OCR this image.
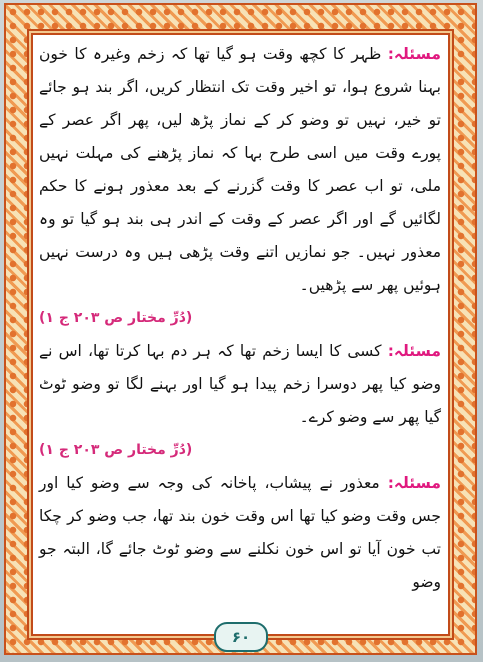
مسئلہ: ظہر کا کچھ وقت ہو گیا تھا کہ زخم وغیرہ کا خون بہنا شروع ہوا، تو اخیر وقت تک انتظار کریں، اگر بند ہو جائے تو خیر، نہیں تو وضو کر کے نماز پڑھ لیں، پھر اگر عصر کے پورے وقت میں اسی طرح بہا کہ نماز پڑھنے کی مہلت نہیں ملی، تو اب عصر کا وقت گزرنے کے بعد معذور ہونے کا حکم لگائیں گے اور اگر عصر کے وقت کے اندر ہی بند ہو گیا تو وہ معذور نہیں۔ جو نمازیں اتنے وقت پڑھی ہیں وہ درست نہیں ہوئیں پھر سے پڑھیں۔
(دُرِّ مختار ص ۲۰۳ ج ۱)

مسئلہ: کسی کا ایسا زخم تھا کہ ہر دم بہا کرتا تھا، اس نے وضو کیا پھر دوسرا زخم پیدا ہو گیا اور بہنے لگا تو وضو ٹوٹ گیا پھر سے وضو کرے۔
(دُرِّ مختار ص ۲۰۳ ج ۱)

مسئلہ: معذور نے پیشاب، پاخانہ کی وجہ سے وضو کیا اور جس وقت وضو کیا تھا اس وقت خون بند تھا، جب وضو کر چکا تب خون آیا تو اس خون نکلنے سے وضو ٹوٹ جائے گا، البتہ جو وضو

۶۰
